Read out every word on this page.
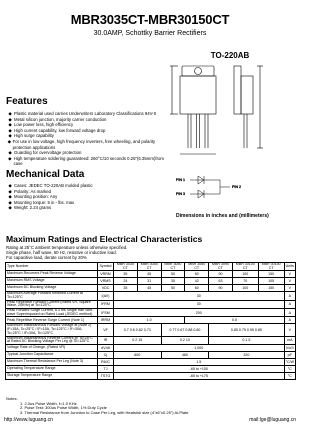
MBR3035CT-MBR30150CT
30.0AMP, Schottky Barrier Rectifiers
TO-220AB
PIN 1
PIN 2
PIN 3
Dimensions in inches and (millimeters)
Features
◆ Plastic material used carries Underwriters Laboratory Classifications 94V-0
◆ Metal silicon junction, majority carrier conduction
◆ Low power loss, high efficiency
◆ High current capability, low forward voltage drop
◆ High surge capability
◆ For use in low voltage, high frequency inverters, free wheeling, and polarity protection applications
◆ Guarding for overvoltage protection
◆ High temperature soldering guaranteed: 260°C/10 seconds 0.25"(6.35mm)from case
Mechanical Data
◆ Cases: JEDEC TO-220AB molded plastic
◆ Polarity: As marked
◆ Mounting position: Any
◆ Mounting torque: 5 in - lbs. max
◆ Weight: 2.24 grams
Maximum Ratings and Electrical Characteristics
Rating at 25°C ambient temperature unless otherwise specified.
Single phase, half wave, 60 Hz, resistive or inductive load.
For capacitive load, derate current by 20%
Type Number	Symbol	MBR 3035 CT	MBR 3045 CT	MBR 3050 CT	MBR 3060 CT	MBR 3090 CT	MBR 30100 CT	MBR 30150 CT	Units
Maximum Recurrent Peak Reverse Voltage	VRRM	35	45	50	60	90	100	150	V
Maximum RMS Voltage	VRMS	24	31	35	42	63	70	105	V
Maximum DC Blocking Voltage	VDC	35	45	50	60	90	100	150	V
Maximum Average Forward Rectified Current at Tc=125°C	I(AV)	30							A
Peak Repetitive Forward Current (Rated VR, Square Wave, 20KHz) at Tc=125°C	IFRM	30							A
Peak Forward Surge Current, 8.3 ms Single Half Sine-wave Superimposed on Rated Load (JEDEC method)	IFSM	200							A
Peak Repetitive Reverse Surge Current (Note 1)	IRRM	1.0			0.5				A
Maximum Instantaneous Forward Voltage at (Note 2) IF=15A, Tc=25°C / IF=15A, Tc=125°C / IF=30A, Tc=25°C / IF=30A, Tc=125°C	VF	0.7 0.6 0.82 0.73		0.77 0.67 0.88 0.80		0.85 0.75 0.95 0.85			V
Maximum Instantaneous Reverse Current @ Tc=25°C at Rated DC Blocking Voltage Per Leg @ Tc=125°C	IR	0.2 15		0.2 10		0.1 5			mA
Voltage Rate of Change, (Rated VR)	dV/dt	1,000							V/uS
Typical Junction Capacitance	Cj	600		460		320			pF
Maximum Thermal Resistance Per Leg (Note 3)	RθJC	1.5							°C/W
Operating Temperature Range	TJ	-65 to +150							°C
Storage Temperature Range	TSTG	-65 to +175							°C
Notes:
1. 2.0us Pulse Width, f=1.0 KHz
2. Pulse Test: 300us Pulse Width, 1% Duty Cycle
3. Thermal Resistance from Junction to Case Per Leg, with Heatsink size (4"x6"x0.25") Al-Plate
http://www.luguang.cn	mail:lge@luguang.cn
